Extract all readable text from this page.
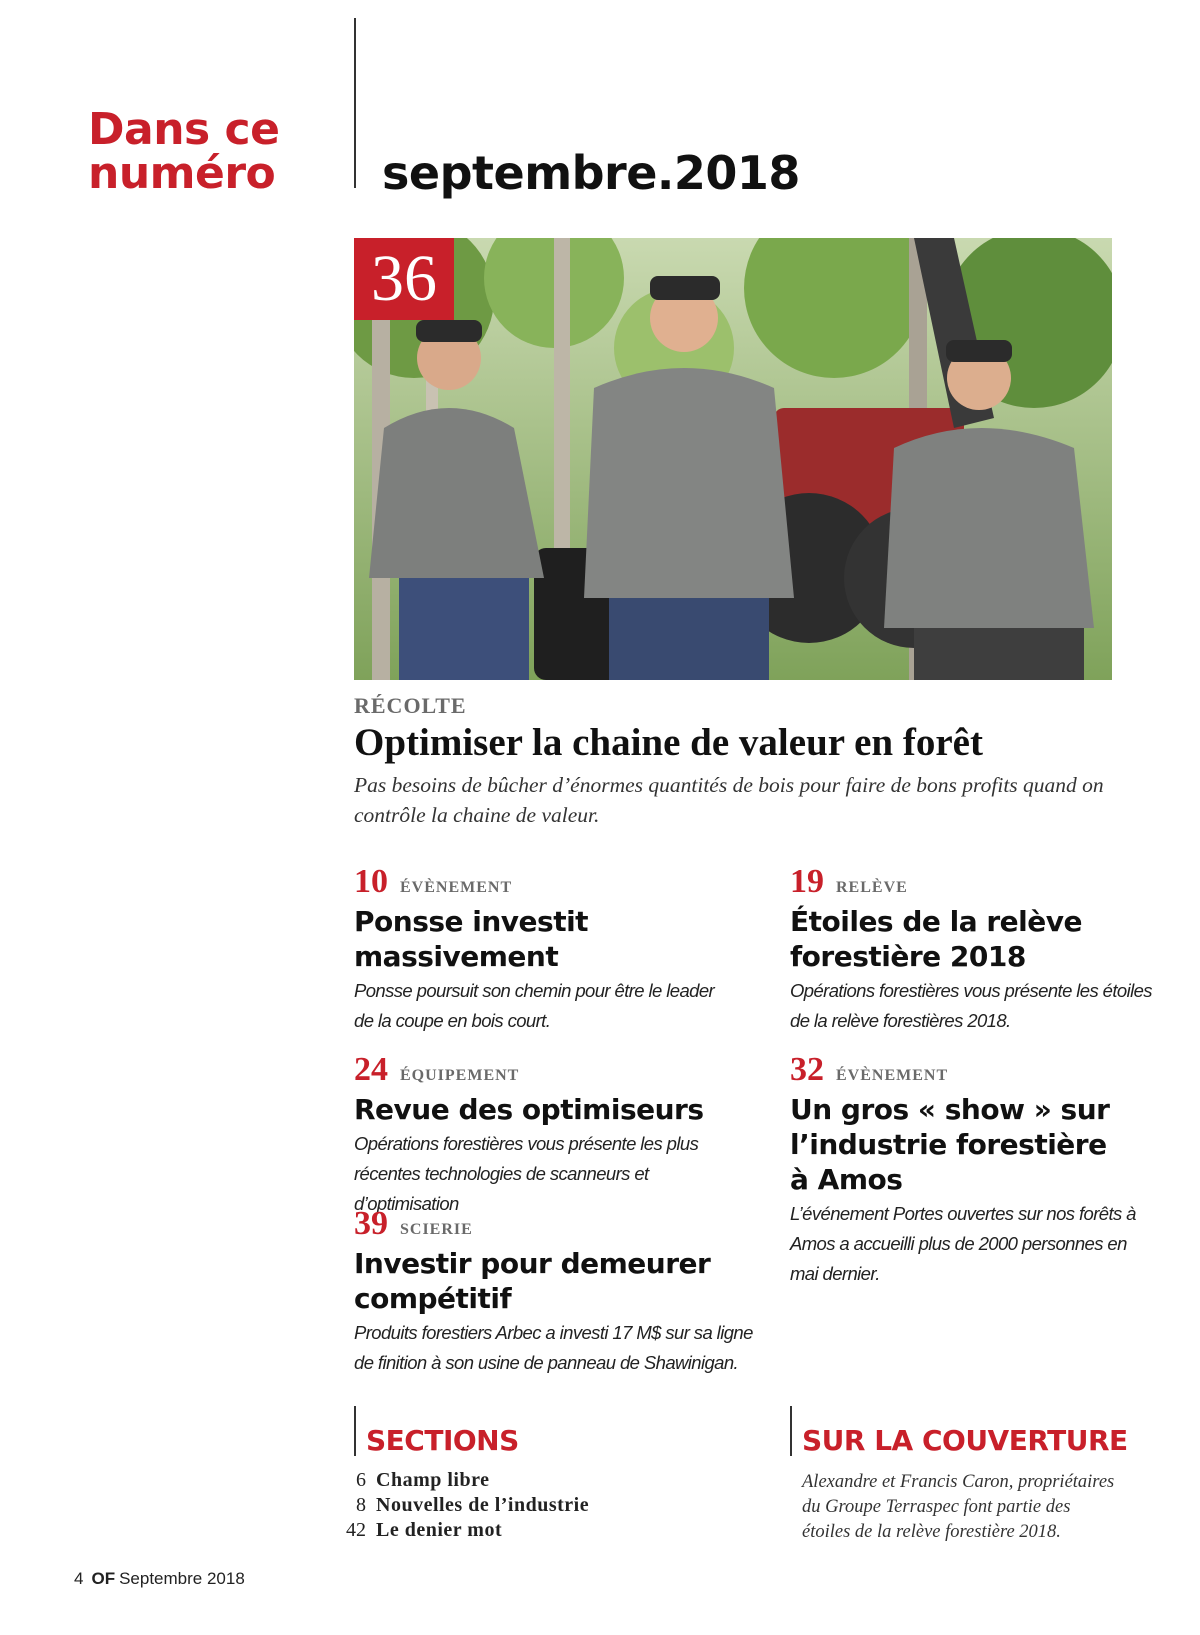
Dans ce
numéro	septembre.2018
36
RÉCOLTE
Optimiser la chaine de valeur en forêt
Pas besoins de bûcher d’énormes quantités de bois pour faire de bons profits quand on contrôle la chaine de valeur.
10 ÉVÈNEMENT
Ponsse investit
massivement
Ponsse poursuit son chemin pour être le leader
de la coupe en bois court.
24 ÉQUIPEMENT
Revue des optimiseurs
Opérations forestières vous présente les plus
récentes technologies de scanneurs et d’optimisation
39 SCIERIE
Investir pour demeurer
compétitif
Produits forestiers Arbec a investi 17 M$ sur sa ligne
de finition à son usine de panneau de Shawinigan.
19 RELÈVE
Étoiles de la relève
forestière 2018
Opérations forestières vous présente les étoiles
de la relève forestières 2018.
32 ÉVÈNEMENT
Un gros « show » sur
l’industrie forestière
à Amos
L’événement Portes ouvertes sur nos forêts à
Amos a accueilli plus de 2000 personnes en
mai dernier.
SECTIONS
6 Champ libre
8 Nouvelles de l’industrie
42 Le denier mot
SUR LA COUVERTURE
Alexandre et Francis Caron, propriétaires
du Groupe Terraspec font partie des
étoiles de la relève forestière 2018.
4 OF Septembre 2018
